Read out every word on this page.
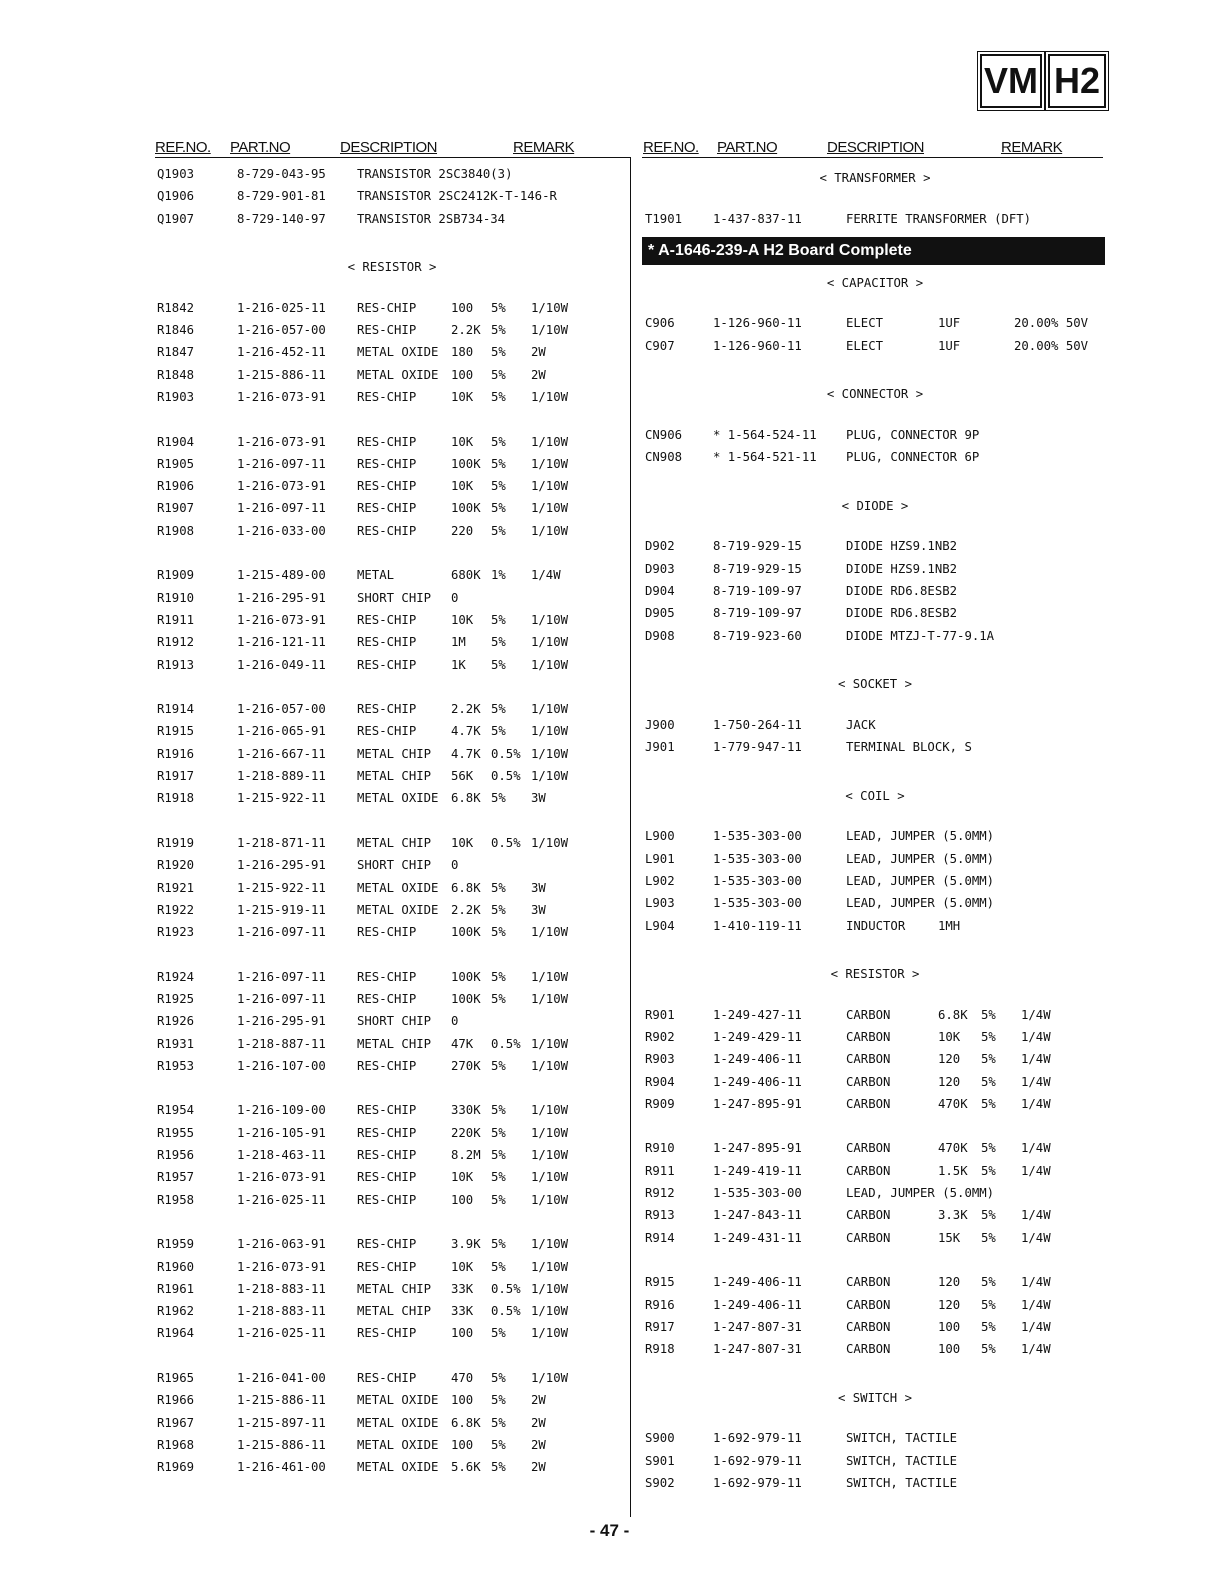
VM H2
REF.NO. PART.NO	DESCRIPTION	REMARK	REF.NO. PART.NO	DESCRIPTION	REMARK
Q1903	8-729-043-95	TRANSISTOR 2SC3840(3)
Q1906	8-729-901-81	TRANSISTOR 2SC2412K-T-146-R
Q1907	8-729-140-97	TRANSISTOR 2SB734-34
< RESISTOR >
R1842	1-216-025-11	RES-CHIP	100 5% 1/10W
R1846	1-216-057-00	RES-CHIP	2.2K 5% 1/10W
R1847	1-216-452-11	METAL OXIDE 180 5% 2W
R1848	1-215-886-11	METAL OXIDE 100 5% 2W
R1903	1-216-073-91	RES-CHIP	10K 5% 1/10W
R1904	1-216-073-91	RES-CHIP	10K 5% 1/10W
R1905	1-216-097-11	RES-CHIP	100K 5% 1/10W
R1906	1-216-073-91	RES-CHIP	10K 5% 1/10W
R1907	1-216-097-11	RES-CHIP	100K 5% 1/10W
R1908	1-216-033-00	RES-CHIP	220 5% 1/10W
R1909	1-215-489-00	METAL	680K 1% 1/4W
R1910	1-216-295-91	SHORT CHIP 0
R1911	1-216-073-91	RES-CHIP	10K 5% 1/10W
R1912	1-216-121-11	RES-CHIP	1M 5% 1/10W
R1913	1-216-049-11	RES-CHIP	1K 5% 1/10W
R1914	1-216-057-00	RES-CHIP	2.2K 5% 1/10W
R1915	1-216-065-91	RES-CHIP	4.7K 5% 1/10W
R1916	1-216-667-11	METAL CHIP 4.7K 0.5% 1/10W
R1917	1-218-889-11	METAL CHIP 56K 0.5% 1/10W
R1918	1-215-922-11	METAL OXIDE 6.8K 5% 3W
R1919	1-218-871-11	METAL CHIP 10K 0.5% 1/10W
R1920	1-216-295-91	SHORT CHIP 0
R1921	1-215-922-11	METAL OXIDE 6.8K 5% 3W
R1922	1-215-919-11	METAL OXIDE 2.2K 5% 3W
R1923	1-216-097-11	RES-CHIP	100K 5% 1/10W
R1924	1-216-097-11	RES-CHIP	100K 5% 1/10W
R1925	1-216-097-11	RES-CHIP	100K 5% 1/10W
R1926	1-216-295-91	SHORT CHIP 0
R1931	1-218-887-11	METAL CHIP 47K 0.5% 1/10W
R1953	1-216-107-00	RES-CHIP	270K 5% 1/10W
R1954	1-216-109-00	RES-CHIP	330K 5% 1/10W
R1955	1-216-105-91	RES-CHIP	220K 5% 1/10W
R1956	1-218-463-11	RES-CHIP	8.2M 5% 1/10W
R1957	1-216-073-91	RES-CHIP	10K 5% 1/10W
R1958	1-216-025-11	RES-CHIP	100 5% 1/10W
R1959	1-216-063-91	RES-CHIP	3.9K 5% 1/10W
R1960	1-216-073-91	RES-CHIP	10K 5% 1/10W
R1961	1-218-883-11	METAL CHIP 33K 0.5% 1/10W
R1962	1-218-883-11	METAL CHIP 33K 0.5% 1/10W
R1964	1-216-025-11	RES-CHIP	100 5% 1/10W
R1965	1-216-041-00	RES-CHIP	470 5% 1/10W
R1966	1-215-886-11	METAL OXIDE 100 5% 2W
R1967	1-215-897-11	METAL OXIDE 6.8K 5% 2W
R1968	1-215-886-11	METAL OXIDE 100 5% 2W
R1969	1-216-461-00	METAL OXIDE 5.6K 5% 2W
< TRANSFORMER >
T1901	1-437-837-11	FERRITE TRANSFORMER (DFT)
* A-1646-239-A H2 Board Complete
< CAPACITOR >
C906	1-126-960-11	ELECT	1UF	20.00% 50V
C907	1-126-960-11	ELECT	1UF	20.00% 50V
< CONNECTOR >
CN906	* 1-564-524-11 PLUG, CONNECTOR 9P
CN908	* 1-564-521-11 PLUG, CONNECTOR 6P
< DIODE >
D902	8-719-929-15	DIODE HZS9.1NB2
D903	8-719-929-15	DIODE HZS9.1NB2
D904	8-719-109-97	DIODE RD6.8ESB2
D905	8-719-109-97	DIODE RD6.8ESB2
D908	8-719-923-60	DIODE MTZJ-T-77-9.1A
< SOCKET >
J900	1-750-264-11	JACK
J901	1-779-947-11	TERMINAL BLOCK, S
< COIL >
L900	1-535-303-00	LEAD, JUMPER (5.0MM)
L901	1-535-303-00	LEAD, JUMPER (5.0MM)
L902	1-535-303-00	LEAD, JUMPER (5.0MM)
L903	1-535-303-00	LEAD, JUMPER (5.0MM)
L904	1-410-119-11	INDUCTOR	1MH
< RESISTOR >
R901	1-249-427-11	CARBON	6.8K 5% 1/4W
R902	1-249-429-11	CARBON	10K 5% 1/4W
R903	1-249-406-11	CARBON	120 5% 1/4W
R904	1-249-406-11	CARBON	120 5% 1/4W
R909	1-247-895-91	CARBON	470K 5% 1/4W
R910	1-247-895-91	CARBON	470K 5% 1/4W
R911	1-249-419-11	CARBON	1.5K 5% 1/4W
R912	1-535-303-00	LEAD, JUMPER (5.0MM)
R913	1-247-843-11	CARBON	3.3K 5% 1/4W
R914	1-249-431-11	CARBON	15K 5% 1/4W
R915	1-249-406-11	CARBON	120 5% 1/4W
R916	1-249-406-11	CARBON	120 5% 1/4W
R917	1-247-807-31	CARBON	100 5% 1/4W
R918	1-247-807-31	CARBON	100 5% 1/4W
< SWITCH >
S900	1-692-979-11	SWITCH, TACTILE
S901	1-692-979-11	SWITCH, TACTILE
S902	1-692-979-11	SWITCH, TACTILE
- 47 -
